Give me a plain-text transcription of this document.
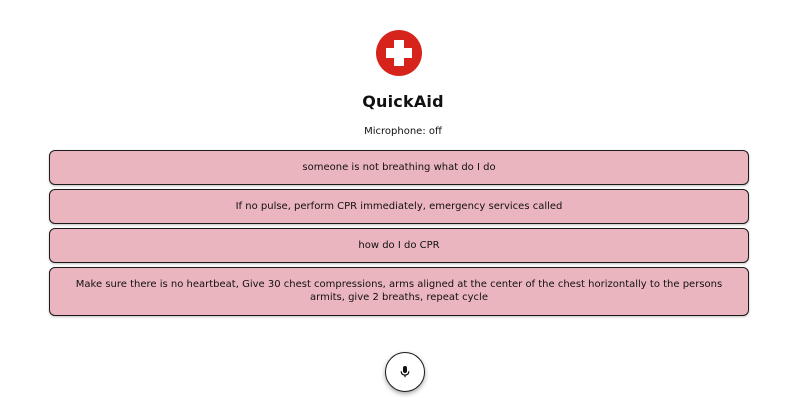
QuickAid
Microphone: off
someone is not breathing what do I do
If no pulse, perform CPR immediately, emergency services called
how do I do CPR
Make sure there is no heartbeat, Give 30 chest compressions, arms aligned at the center of the chest horizontally to the persons armits, give 2 breaths, repeat cycle
